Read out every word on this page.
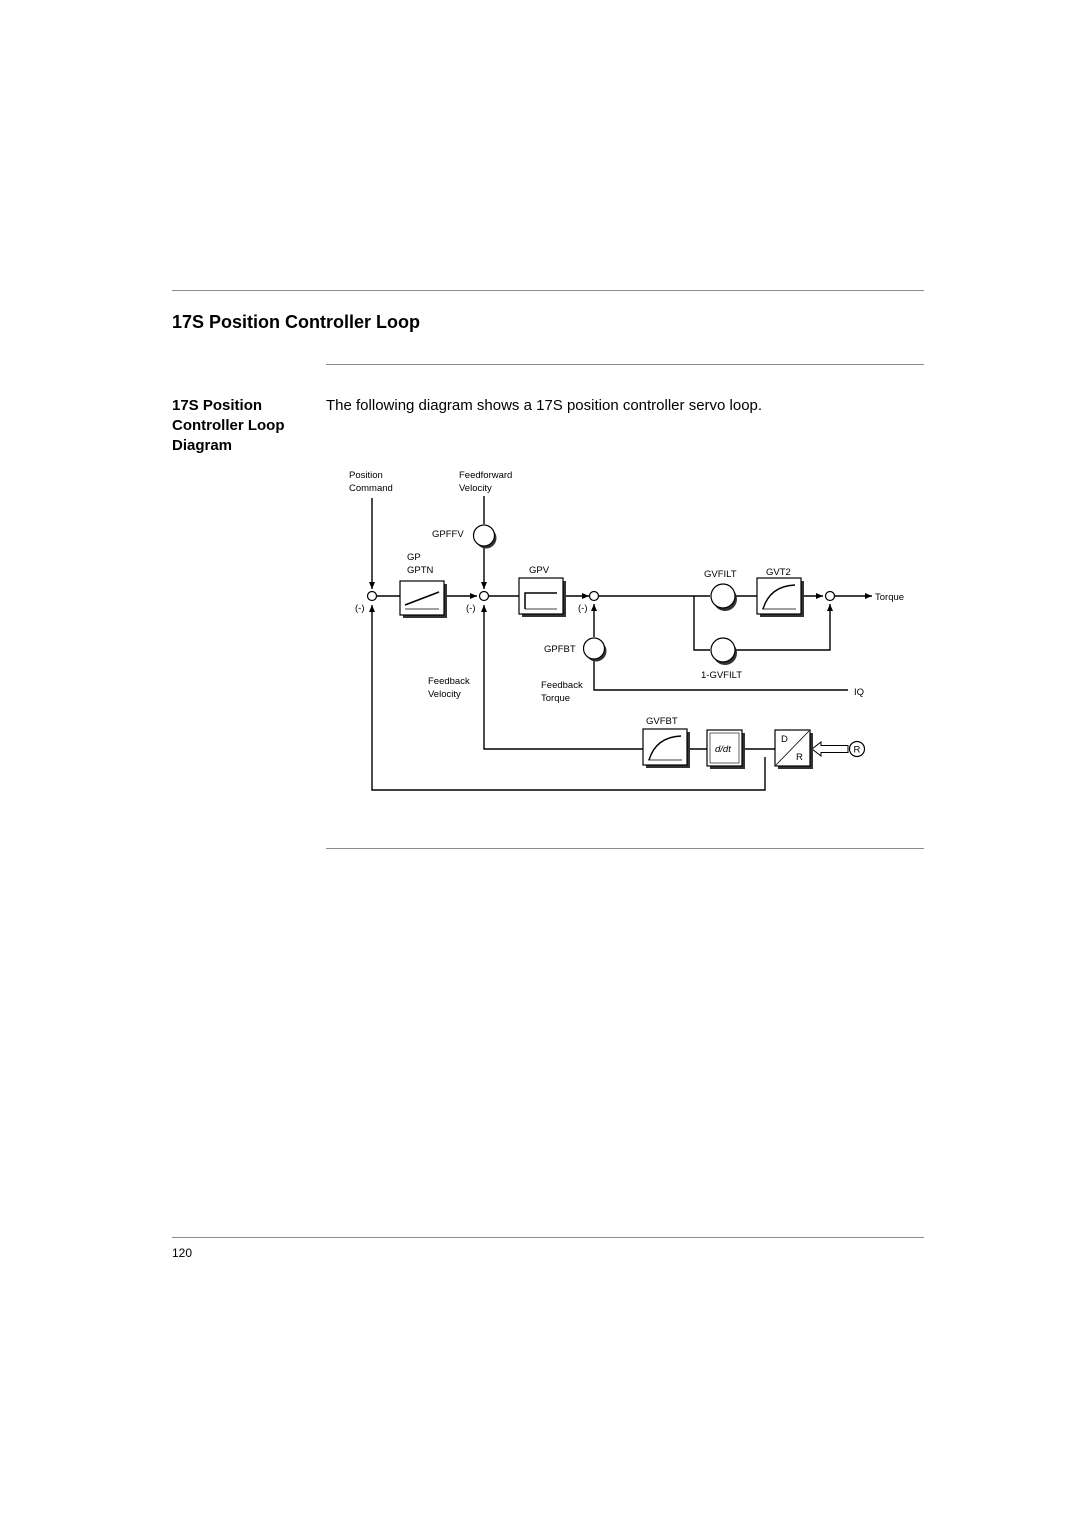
17S Position Controller Loop
17S Position
Controller Loop
Diagram

The following diagram shows a 17S position controller servo loop.

Position
Command
Feedforward
Velocity
GPFFV
GP
GPTN	GPV	GVFILT	GVT2
Torque
(-)	(-)	(-)
GPFBT
1-GVFILT
Feedback
Velocity
Feedback
Torque
IQ
GVFBT
d/dt
D
R
R
120
